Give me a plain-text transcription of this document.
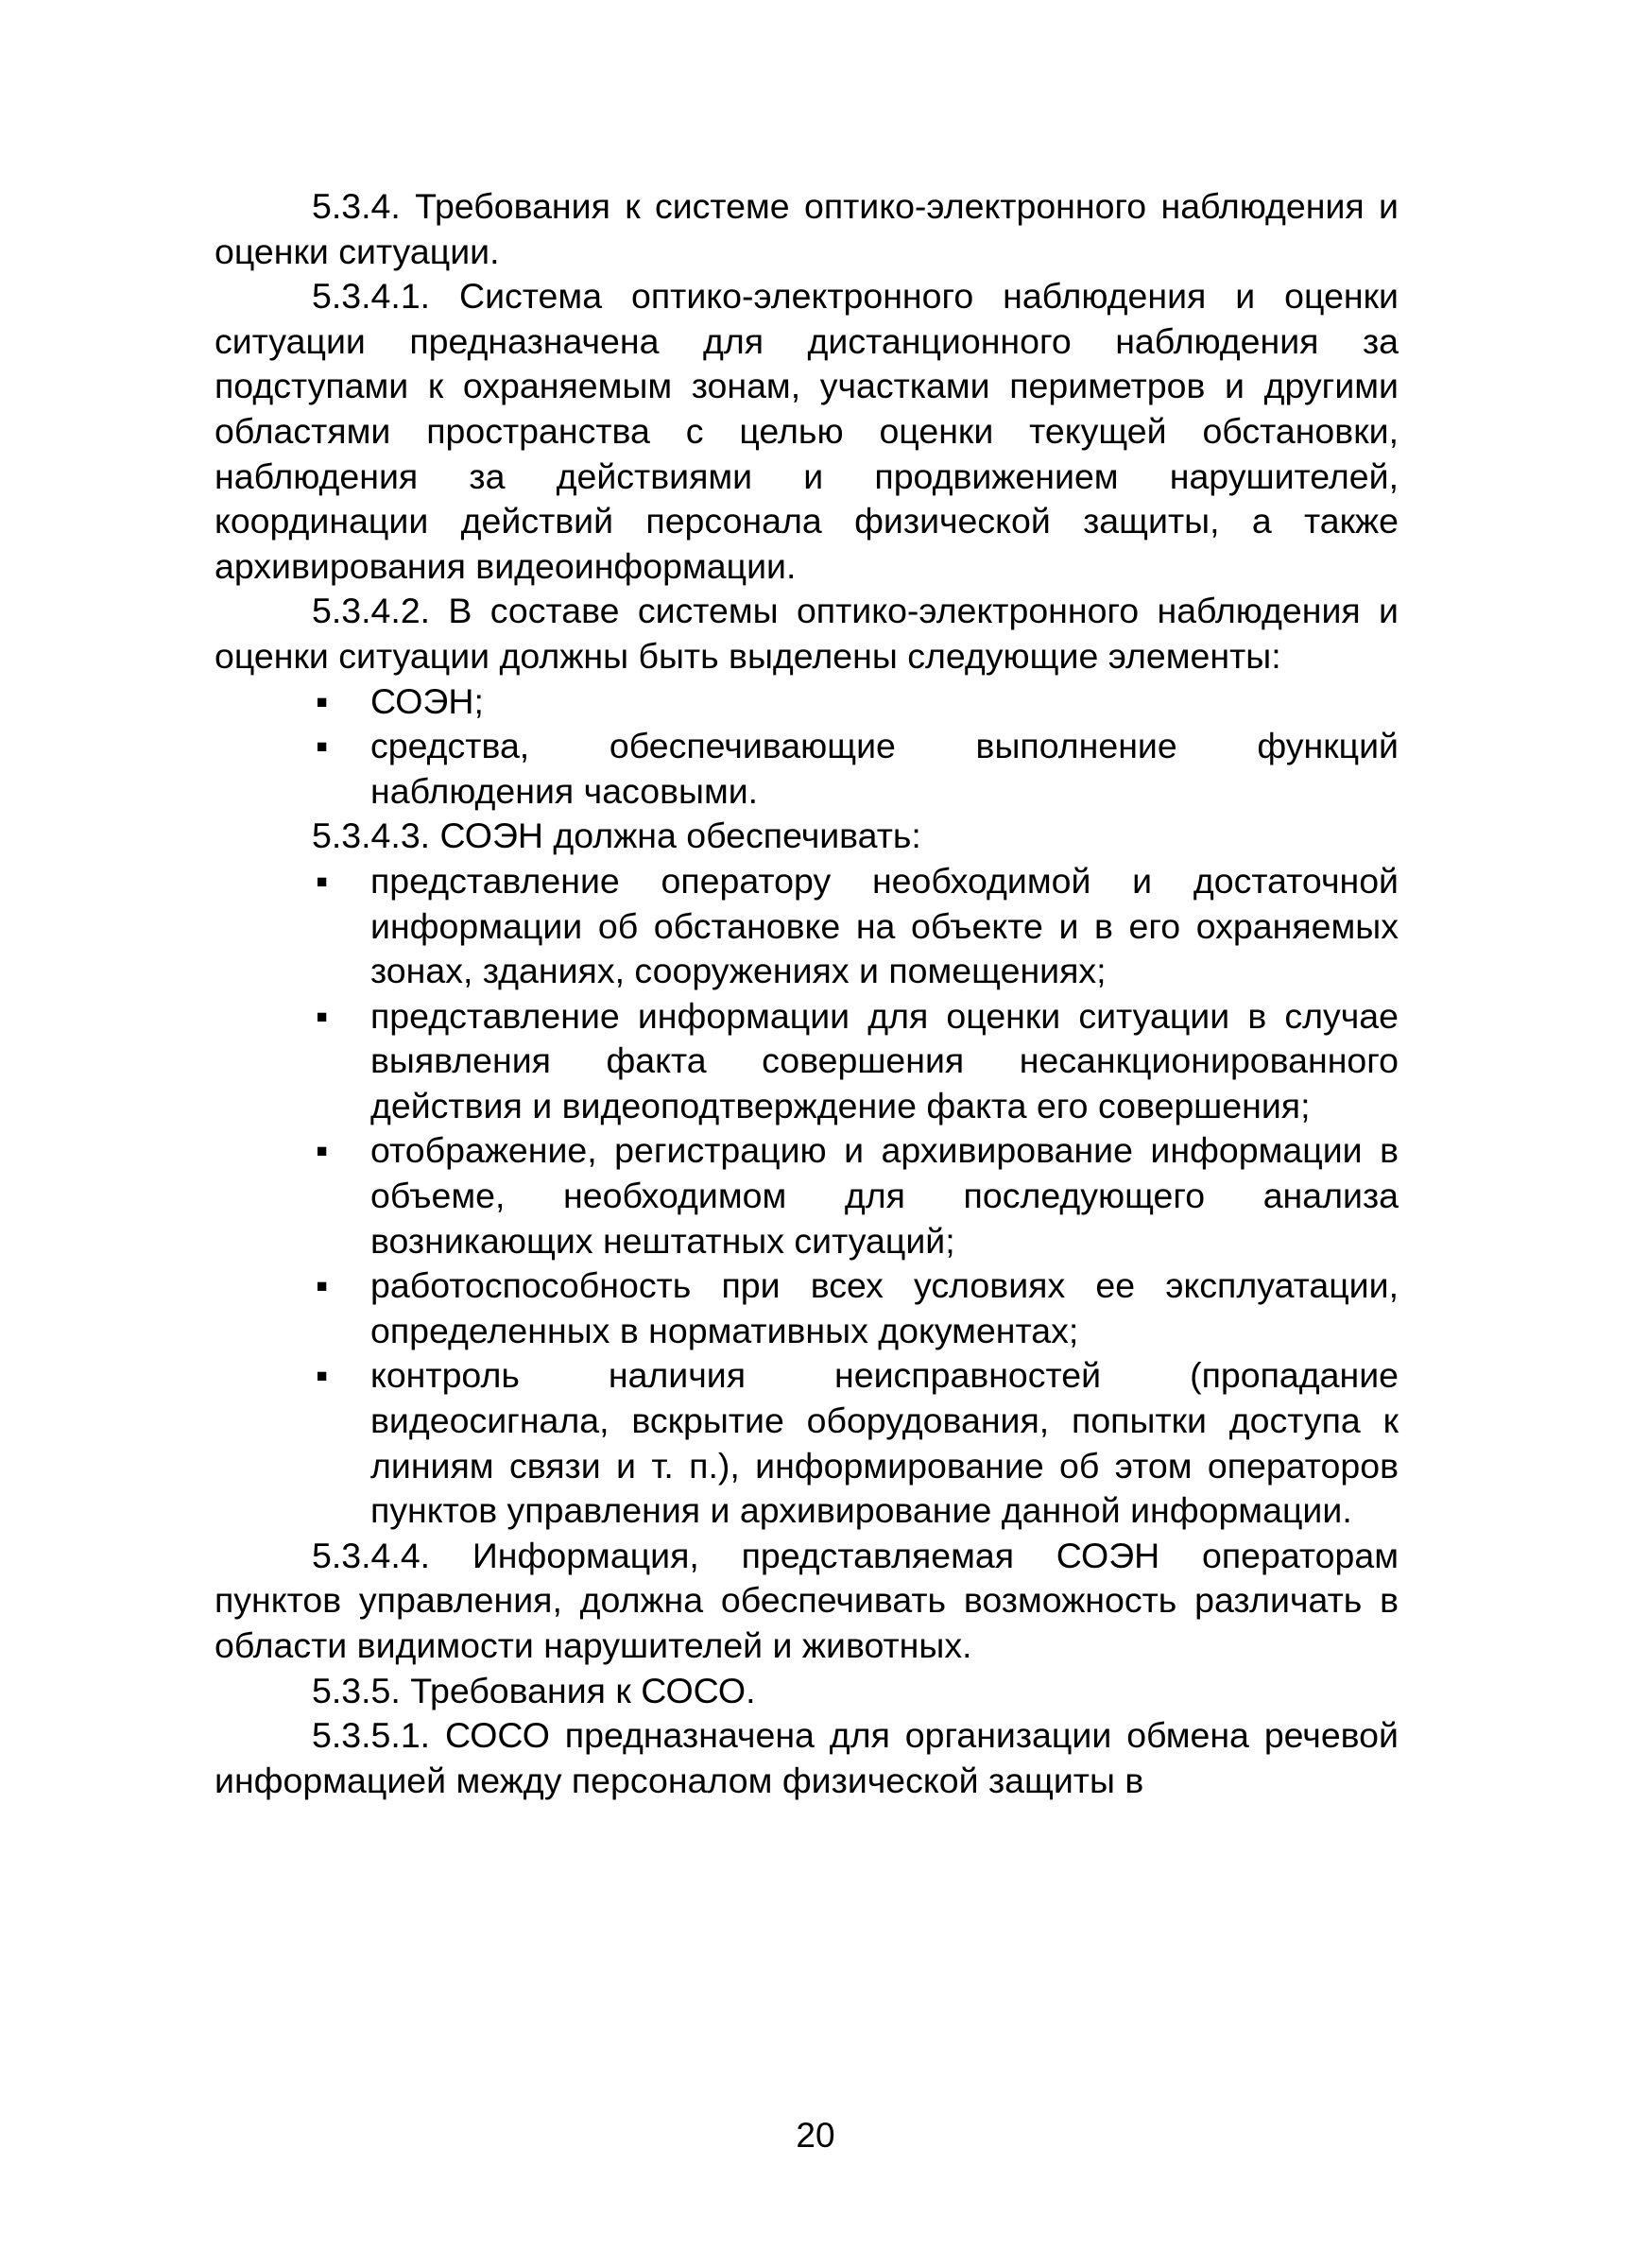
5.3.4. Требования к системе оптико-электронного наблюдения и оценки ситуации.

5.3.4.1. Система оптико-электронного наблюдения и оценки ситуации предназначена для дистанционного наблюдения за подступами к охраняемым зонам, участками периметров и другими областями пространства с целью оценки текущей обстановки, наблюдения за действиями и продвижением нарушителей, координации действий персонала физической защиты, а также архивирования видеоинформации.

5.3.4.2. В составе системы оптико-электронного наблюдения и оценки ситуации должны быть выделены следующие элементы:

▪ СОЭН;
▪ средства, обеспечивающие выполнение функций наблюдения часовыми.

5.3.4.3. СОЭН должна обеспечивать:

▪ представление оператору необходимой и достаточной информации об обстановке на объекте и в его охраняемых зонах, зданиях, сооружениях и помещениях;
▪ представление информации для оценки ситуации в случае выявления факта совершения несанкционированного действия и видеоподтверждение факта его совершения;
▪ отображение, регистрацию и архивирование информации в объеме, необходимом для последующего анализа возникающих нештатных ситуаций;
▪ работоспособность при всех условиях ее эксплуатации, определенных в нормативных документах;
▪ контроль наличия неисправностей (пропадание видеосигнала, вскрытие оборудования, попытки доступа к линиям связи и т. п.), информирование об этом операторов пунктов управления и архивирование данной информации.

5.3.4.4. Информация, представляемая СОЭН операторам пунктов управления, должна обеспечивать возможность различать в области видимости нарушителей и животных.

5.3.5. Требования к СОСО.

5.3.5.1. СОСО предназначена для организации обмена речевой информацией между персоналом физической защиты в

20
